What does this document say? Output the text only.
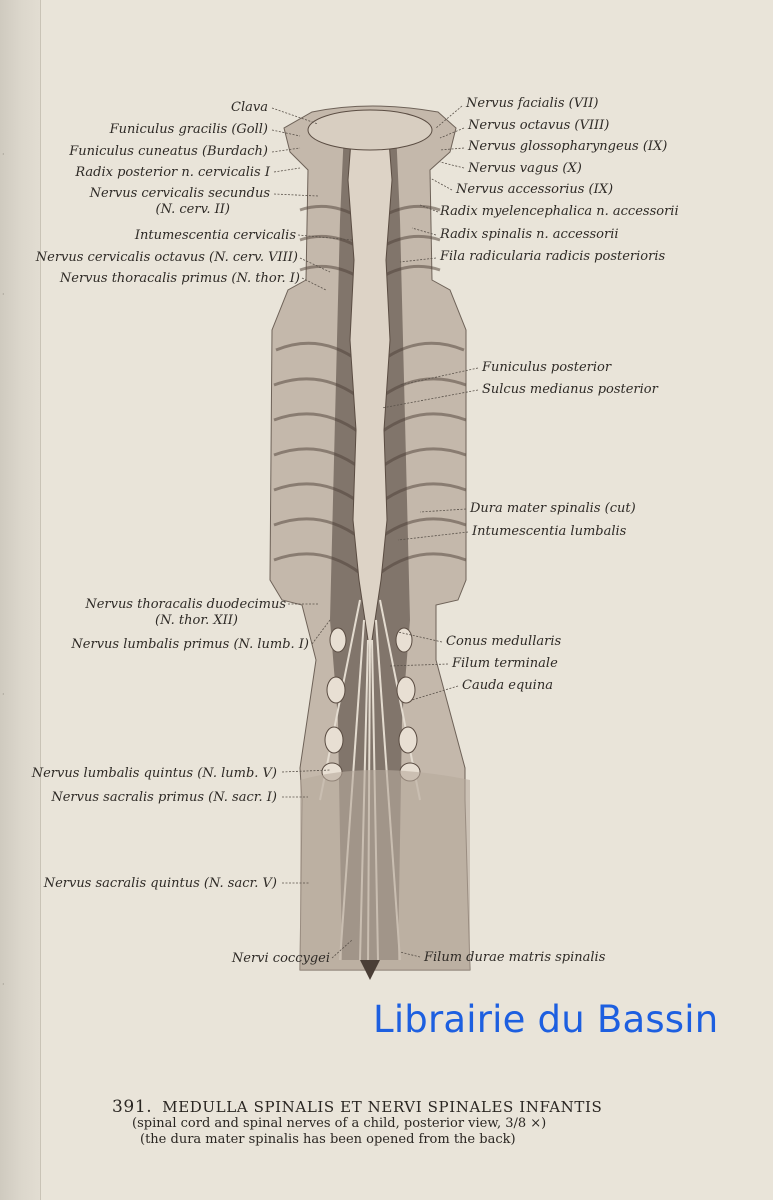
·
·
·
·
Clava
Funiculus gracilis (Goll)
Funiculus cuneatus (Burdach)
Radix posterior n. cervicalis I
Nervus cervicalis secundus
(N. cerv. II)
Intumescentia cervicalis
Nervus cervicalis octavus (N. cerv. VIII)
Nervus thoracalis primus (N. thor. I)
Nervus thoracalis duodecimus
(N. thor. XII)
Nervus lumbalis primus (N. lumb. I)
Nervus lumbalis quintus (N. lumb. V)
Nervus sacralis primus (N. sacr. I)
Nervus sacralis quintus (N. sacr. V)
Nervi coccygei
Nervus facialis (VII)
Nervus octavus (VIII)
Nervus glossopharyngeus (IX)
Nervus vagus (X)
Nervus accessorius (IX)
Radix myelencephalica n. accessorii
Radix spinalis n. accessorii
Fila radicularia radicis posterioris
Funiculus posterior
Sulcus medianus posterior
Dura mater spinalis (cut)
Intumescentia lumbalis
Conus medullaris
Filum terminale
Cauda equina
Filum durae matris spinalis
Librairie du Bassin
391. MEDULLA SPINALIS ET NERVI SPINALES INFANTIS
(spinal cord and spinal nerves of a child, posterior view, 3/8 ×)
(the dura mater spinalis has been opened from the back)
